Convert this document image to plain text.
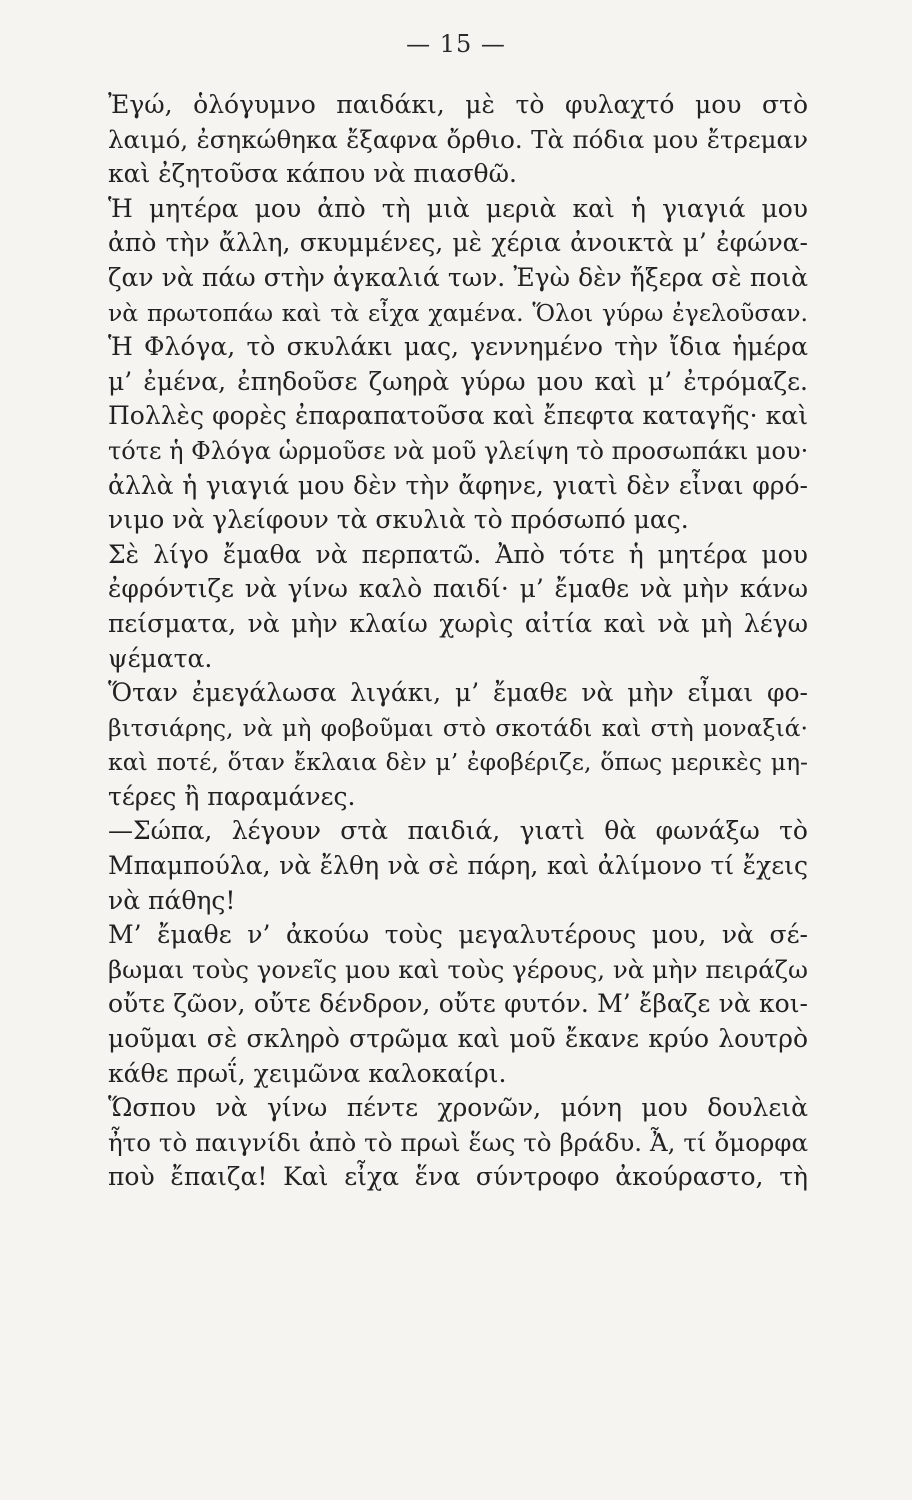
— 15 —
Ἐγώ, ὁλόγυμνο παιδάκι, μὲ τὸ φυλαχτό μου στὸ
λαιμό, ἐσηκώθηκα ἔξαφνα ὄρθιο. Τὰ πόδια μου ἔτρεμαν
καὶ ἐζητοῦσα κάπου νὰ πιασθῶ.
Ἡ μητέρα μου ἀπὸ τὴ μιὰ μεριὰ καὶ ἡ γιαγιά μου
ἀπὸ τὴν ἄλλη, σκυμμένες, μὲ χέρια ἀνοικτὰ μ’ ἐφώνα-
ζαν νὰ πάω στὴν ἀγκαλιά των. Ἐγὼ δὲν ἤξερα σὲ ποιὰ
νὰ πρωτοπάω καὶ τὰ εἶχα χαμένα. Ὅλοι γύρω ἐγελοῦσαν.
Ἡ Φλόγα, τὸ σκυλάκι μας, γεννημένο τὴν ἴδια ἡμέρα
μ’ ἐμένα, ἐπηδοῦσε ζωηρὰ γύρω μου καὶ μ’ ἐτρόμαζε.
Πολλὲς φορὲς ἐπαραπατοῦσα καὶ ἔπεφτα καταγῆς· καὶ
τότε ἡ Φλόγα ὡρμοῦσε νὰ μοῦ γλείψη τὸ προσωπάκι μου·
ἀλλὰ ἡ γιαγιά μου δὲν τὴν ἄφηνε, γιατὶ δὲν εἶναι φρό-
νιμο νὰ γλείφουν τὰ σκυλιὰ τὸ πρόσωπό μας.
Σὲ λίγο ἔμαθα νὰ περπατῶ. Ἀπὸ τότε ἡ μητέρα μου
ἐφρόντιζε νὰ γίνω καλὸ παιδί· μ’ ἔμαθε νὰ μὴν κάνω
πείσματα, νὰ μὴν κλαίω χωρὶς αἰτία καὶ νὰ μὴ λέγω
ψέματα.
Ὅταν ἐμεγάλωσα λιγάκι, μ’ ἔμαθε νὰ μὴν εἶμαι φο-
βιτσιάρης, νὰ μὴ φοβοῦμαι στὸ σκοτάδι καὶ στὴ μοναξιά·
καὶ ποτέ, ὅταν ἔκλαια δὲν μ’ ἐφοβέριζε, ὅπως μερικὲς μη-
τέρες ἢ παραμάνες.
—Σώπα, λέγουν στὰ παιδιά, γιατὶ θὰ φωνάξω τὸ
Μπαμπούλα, νὰ ἔλθη νὰ σὲ πάρη, καὶ ἀλίμονο τί ἔχεις
νὰ πάθης!
Μ’ ἔμαθε ν’ ἀκούω τοὺς μεγαλυτέρους μου, νὰ σέ-
βωμαι τοὺς γονεῖς μου καὶ τοὺς γέρους, νὰ μὴν πειράζω
οὔτε ζῶον, οὔτε δένδρον, οὔτε φυτόν. Μ’ ἔβαζε νὰ κοι-
μοῦμαι σὲ σκληρὸ στρῶμα καὶ μοῦ ἔκανε κρύο λουτρὸ
κάθε πρωΐ, χειμῶνα καλοκαίρι.
Ὥσπου νὰ γίνω πέντε χρονῶν, μόνη μου δουλειὰ
ἦτο τὸ παιγνίδι ἀπὸ τὸ πρωὶ ἕως τὸ βράδυ. Ἆ, τί ὄμορφα
ποὺ ἔπαιζα! Καὶ εἶχα ἕνα σύντροφο ἀκούραστο, τὴ
